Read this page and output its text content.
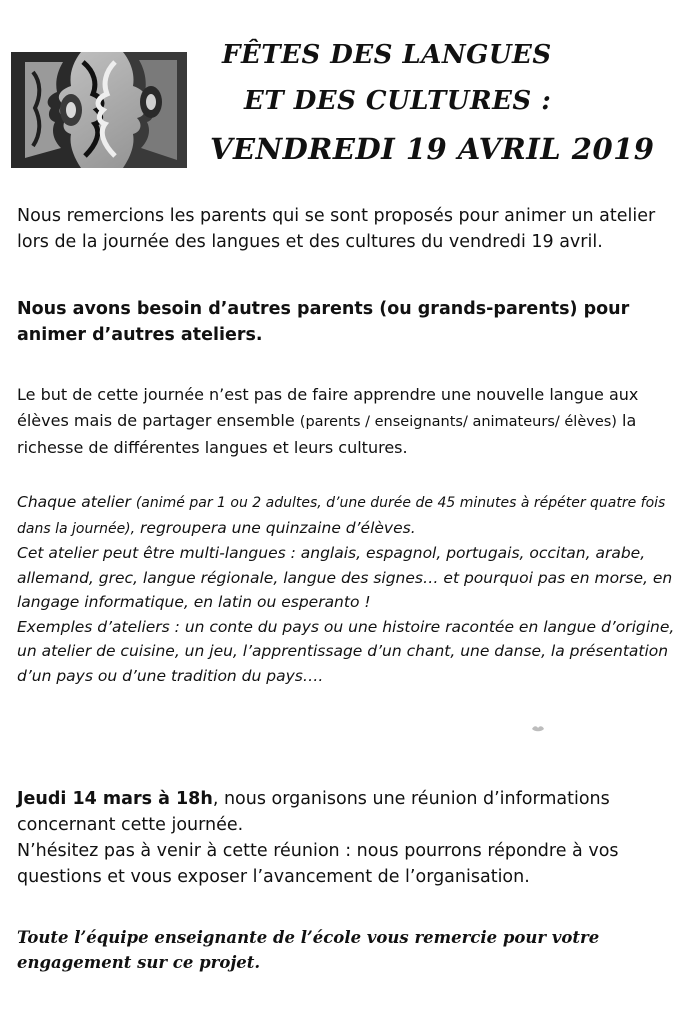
FÊTES DES LANGUES
ET DES CULTURES :
VENDREDI 19 AVRIL 2019
Nous remercions les parents qui se sont proposés pour animer un atelier lors de la journée des langues et des cultures du vendredi 19 avril.
Nous avons besoin d’autres parents (ou grands-parents) pour animer d’autres ateliers.
Le but de cette journée n’est pas de faire apprendre une nouvelle langue aux élèves mais de partager ensemble (parents / enseignants/ animateurs/ élèves) la richesse de différentes langues et leurs cultures.
Chaque atelier (animé par 1 ou 2 adultes, d’une durée de 45 minutes à répéter quatre fois dans la journée), regroupera une quinzaine d’élèves.
Cet atelier peut être multi-langues : anglais, espagnol, portugais, occitan, arabe, allemand, grec, langue régionale, langue des signes… et pourquoi pas en morse, en langage informatique, en latin ou esperanto !
Exemples d’ateliers : un conte du pays ou une histoire racontée en langue d’origine, un atelier de cuisine, un jeu, l’apprentissage d’un chant, une danse, la présentation d’un pays ou d’une tradition du pays….
Jeudi 14 mars à 18h, nous organisons une réunion d’informations concernant cette journée.
N’hésitez pas à venir à cette réunion : nous pourrons répondre à vos questions et vous exposer l’avancement de l’organisation.
Toute l’équipe enseignante de l’école vous remercie pour votre engagement sur ce projet.
